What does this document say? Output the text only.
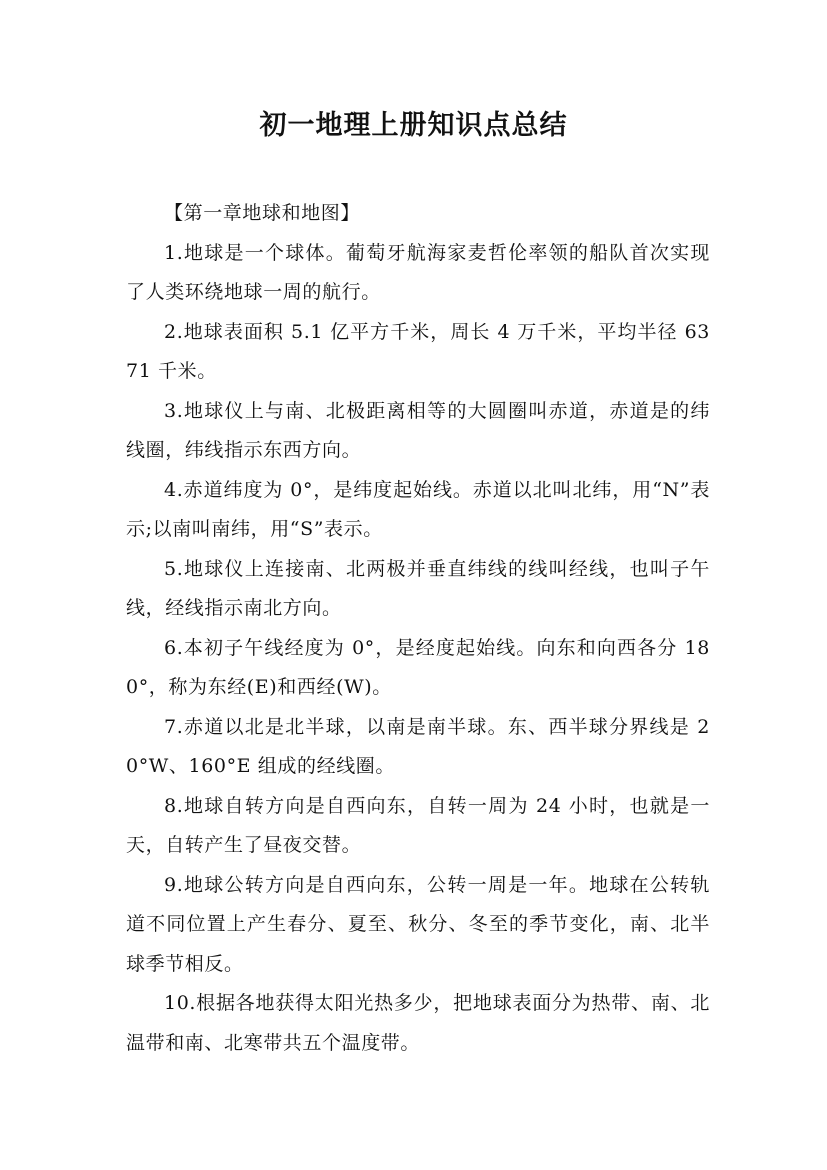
初一地理上册知识点总结

【第一章地球和地图】

1.地球是一个球体。葡萄牙航海家麦哲伦率领的船队首次实现了人类环绕地球一周的航行。

2.地球表面积 5.1 亿平方千米，周长 4 万千米，平均半径 6371 千米。

3.地球仪上与南、北极距离相等的大圆圈叫赤道，赤道是的纬线圈，纬线指示东西方向。

4.赤道纬度为 0°，是纬度起始线。赤道以北叫北纬，用“N”表示;以南叫南纬，用“S”表示。

5.地球仪上连接南、北两极并垂直纬线的线叫经线，也叫子午线，经线指示南北方向。

6.本初子午线经度为 0°，是经度起始线。向东和向西各分 180°，称为东经(E)和西经(W)。

7.赤道以北是北半球，以南是南半球。东、西半球分界线是 20°W、160°E 组成的经线圈。

8.地球自转方向是自西向东，自转一周为 24 小时，也就是一天，自转产生了昼夜交替。

9.地球公转方向是自西向东，公转一周是一年。地球在公转轨道不同位置上产生春分、夏至、秋分、冬至的季节变化，南、北半球季节相反。

10.根据各地获得太阳光热多少，把地球表面分为热带、南、北温带和南、北寒带共五个温度带。
